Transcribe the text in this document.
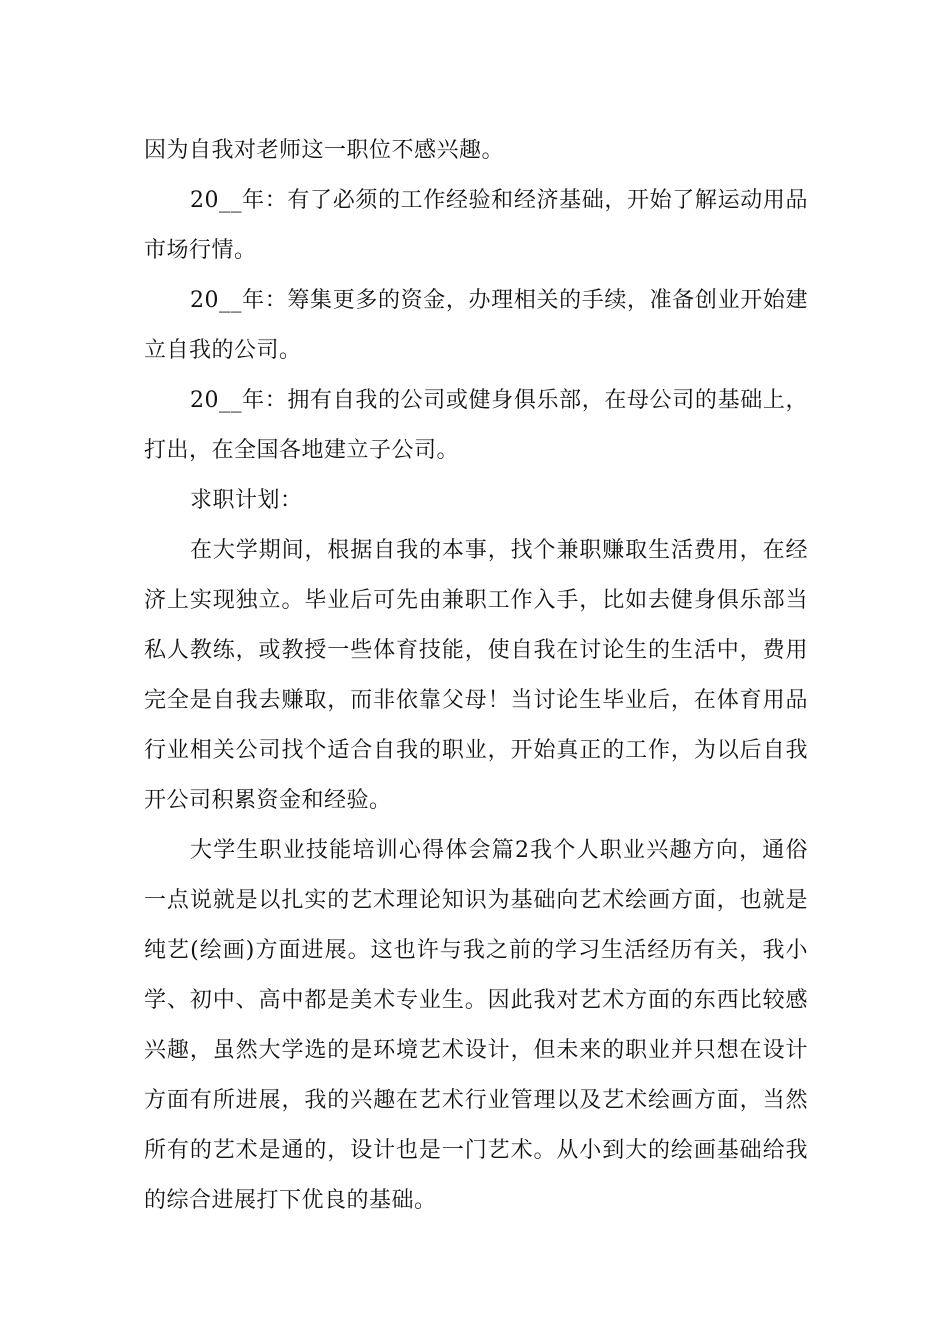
因为自我对老师这一职位不感兴趣。

20__年：有了必须的工作经验和经济基础，开始了解运动用品市场行情。

20__年：筹集更多的资金，办理相关的手续，准备创业开始建立自我的公司。

20__年：拥有自我的公司或健身俱乐部，在母公司的基础上，打出，在全国各地建立子公司。

求职计划：

在大学期间，根据自我的本事，找个兼职赚取生活费用，在经济上实现独立。毕业后可先由兼职工作入手，比如去健身俱乐部当私人教练，或教授一些体育技能，使自我在讨论生的生活中，费用完全是自我去赚取，而非依靠父母！当讨论生毕业后，在体育用品行业相关公司找个适合自我的职业，开始真正的工作，为以后自我开公司积累资金和经验。

大学生职业技能培训心得体会篇2我个人职业兴趣方向，通俗一点说就是以扎实的艺术理论知识为基础向艺术绘画方面，也就是纯艺(绘画)方面进展。这也许与我之前的学习生活经历有关，我小学、初中、高中都是美术专业生。因此我对艺术方面的东西比较感兴趣，虽然大学选的是环境艺术设计，但未来的职业并只想在设计方面有所进展，我的兴趣在艺术行业管理以及艺术绘画方面，当然所有的艺术是通的，设计也是一门艺术。从小到大的绘画基础给我的综合进展打下优良的基础。
